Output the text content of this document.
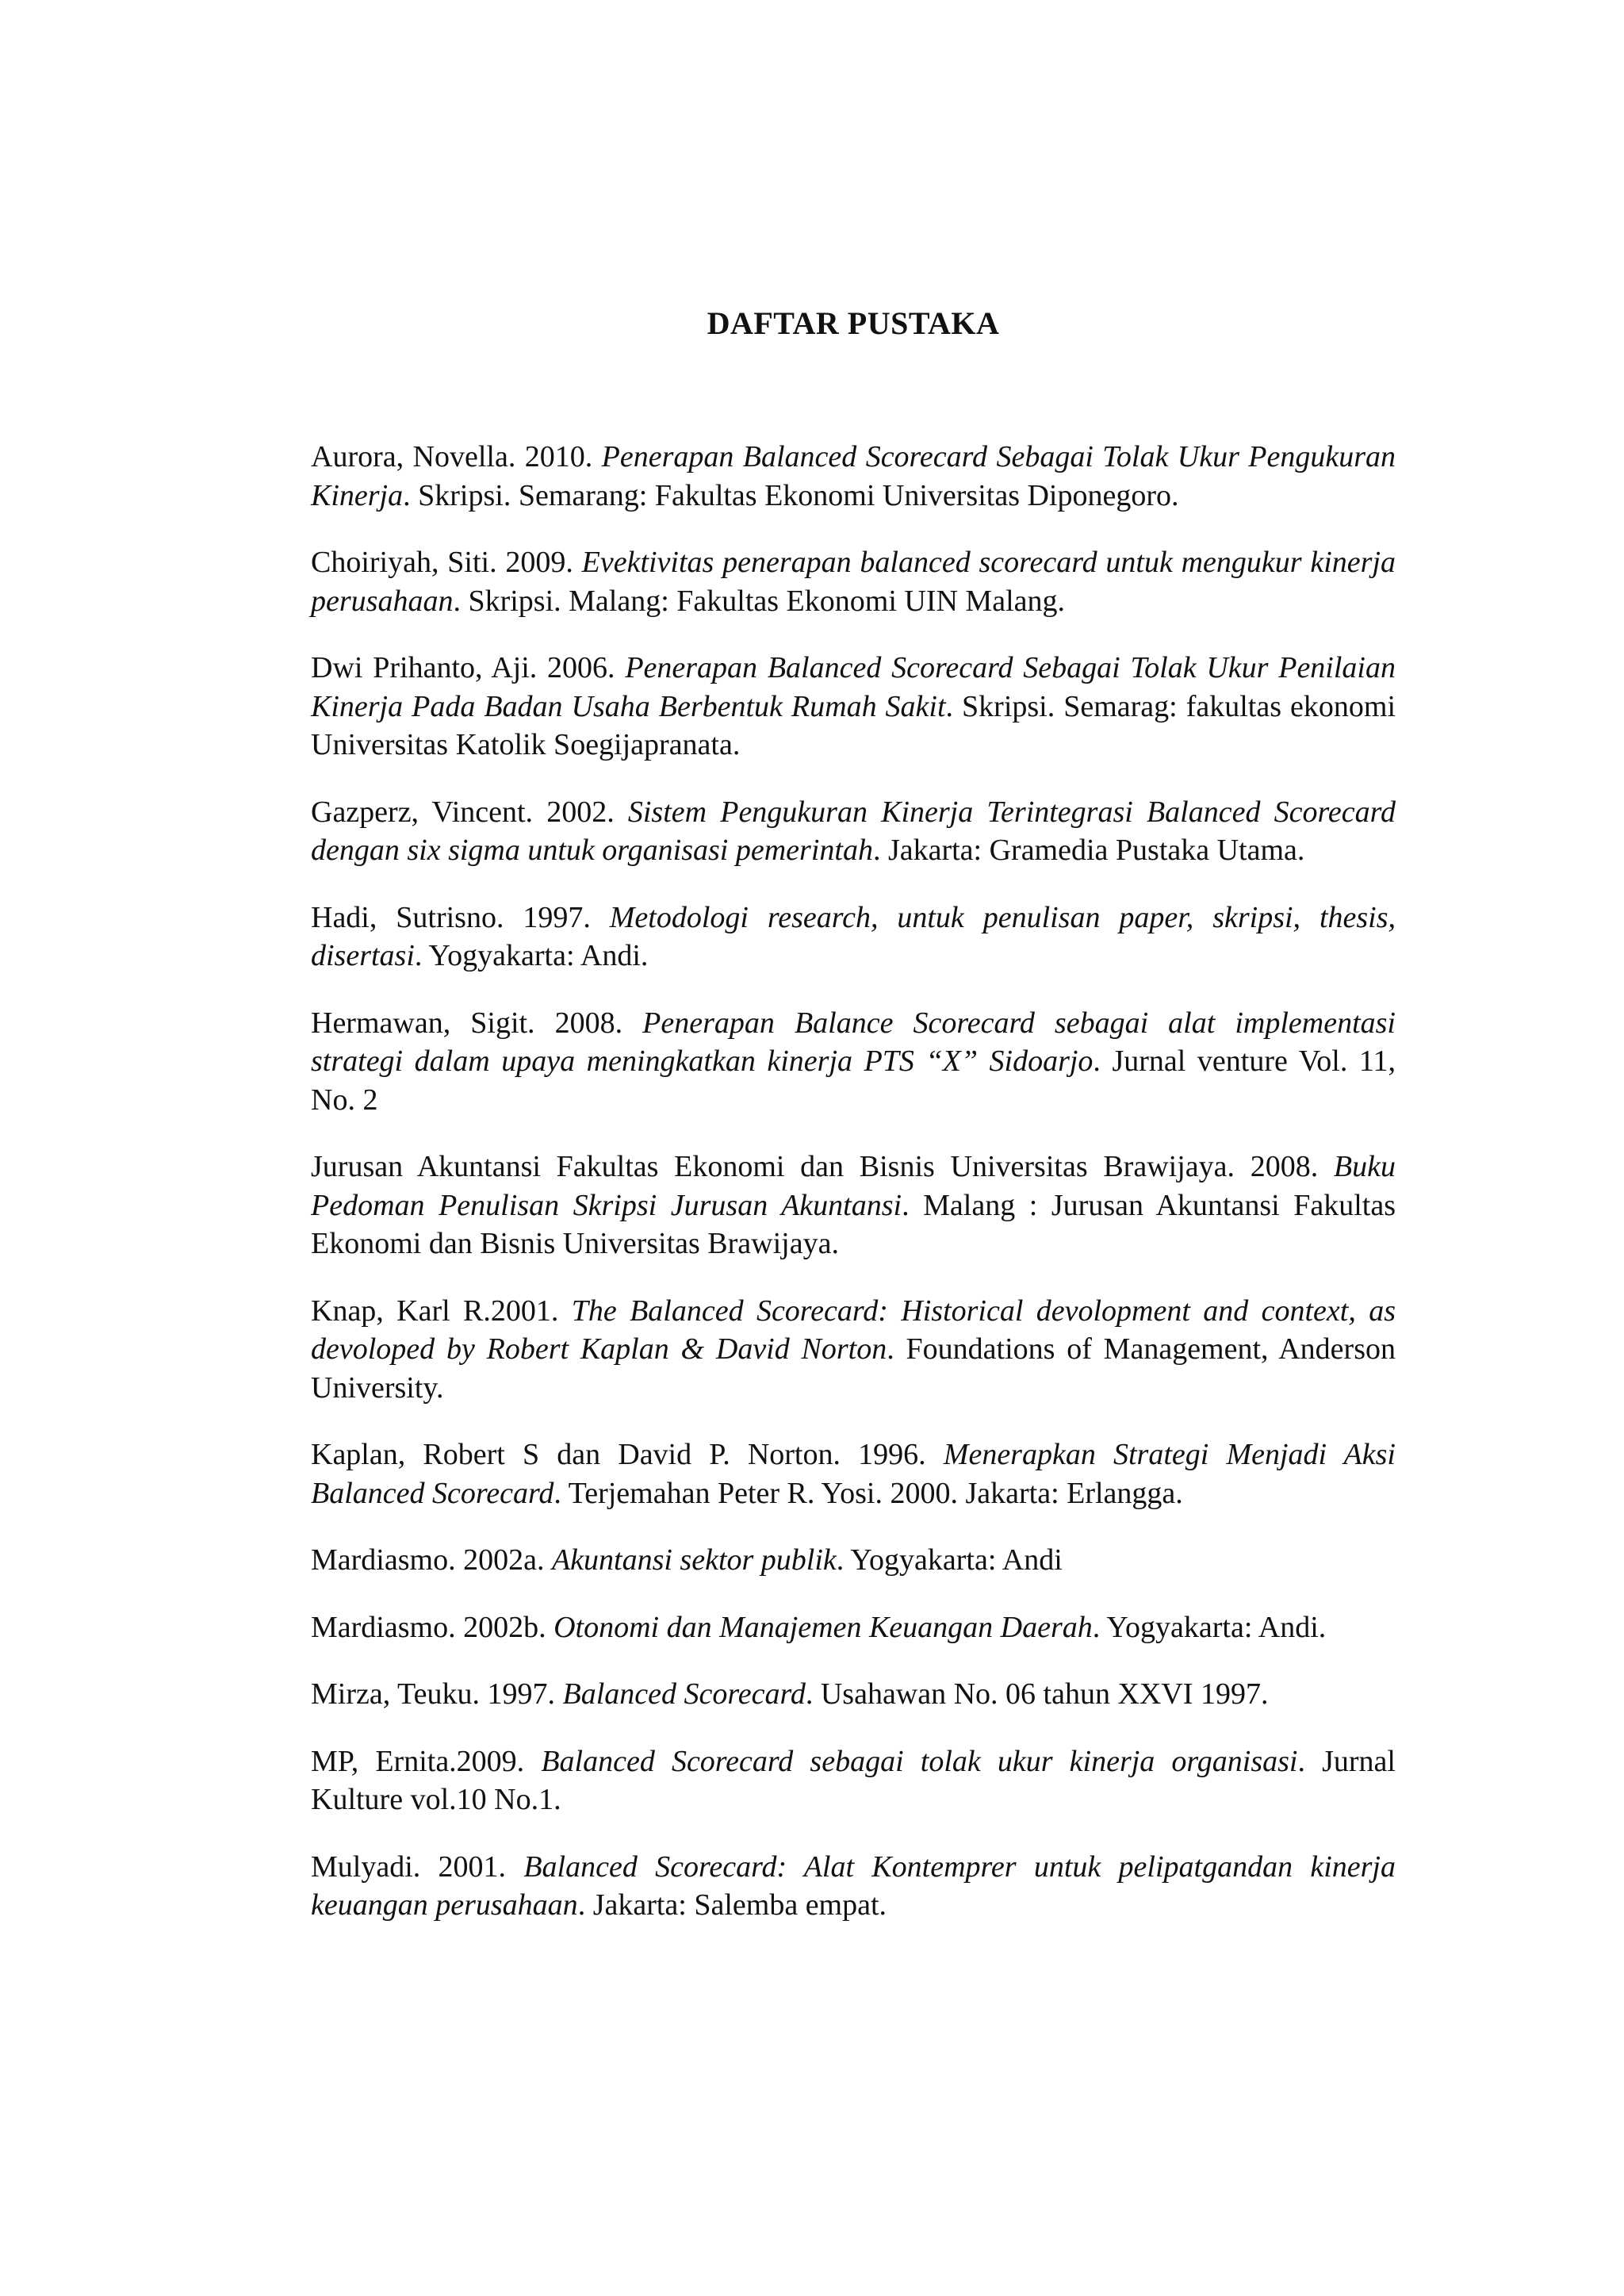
DAFTAR PUSTAKA

Aurora, Novella. 2010. Penerapan Balanced Scorecard Sebagai Tolak Ukur Pengukuran Kinerja. Skripsi. Semarang: Fakultas Ekonomi Universitas Diponegoro.

Choiriyah, Siti. 2009. Evektivitas penerapan balanced scorecard untuk mengukur kinerja perusahaan. Skripsi. Malang: Fakultas Ekonomi UIN Malang.

Dwi Prihanto, Aji. 2006. Penerapan Balanced Scorecard Sebagai Tolak Ukur Penilaian Kinerja Pada Badan Usaha Berbentuk Rumah Sakit. Skripsi. Semarag: fakultas ekonomi Universitas Katolik Soegijapranata.

Gazperz, Vincent. 2002. Sistem Pengukuran Kinerja Terintegrasi Balanced Scorecard dengan six sigma untuk organisasi pemerintah. Jakarta: Gramedia Pustaka Utama.

Hadi, Sutrisno. 1997. Metodologi research, untuk penulisan paper, skripsi, thesis, disertasi. Yogyakarta: Andi.

Hermawan, Sigit. 2008. Penerapan Balance Scorecard sebagai alat implementasi strategi dalam upaya meningkatkan kinerja PTS “X” Sidoarjo. Jurnal venture Vol. 11, No. 2

Jurusan Akuntansi Fakultas Ekonomi dan Bisnis Universitas Brawijaya. 2008. Buku Pedoman Penulisan Skripsi Jurusan Akuntansi. Malang : Jurusan Akuntansi Fakultas Ekonomi dan Bisnis Universitas Brawijaya.

Knap, Karl R.2001. The Balanced Scorecard: Historical devolopment and context, as devoloped by Robert Kaplan & David Norton. Foundations of Management, Anderson University.

Kaplan, Robert S dan David P. Norton. 1996. Menerapkan Strategi Menjadi Aksi Balanced Scorecard. Terjemahan Peter R. Yosi. 2000. Jakarta: Erlangga.

Mardiasmo. 2002a. Akuntansi sektor publik. Yogyakarta: Andi

Mardiasmo. 2002b. Otonomi dan Manajemen Keuangan Daerah. Yogyakarta: Andi.

Mirza, Teuku. 1997. Balanced Scorecard. Usahawan No. 06 tahun XXVI 1997.

MP, Ernita.2009. Balanced Scorecard sebagai tolak ukur kinerja organisasi. Jurnal Kulture vol.10 No.1.

Mulyadi. 2001. Balanced Scorecard: Alat Kontemprer untuk pelipatgandan kinerja keuangan perusahaan. Jakarta: Salemba empat.
